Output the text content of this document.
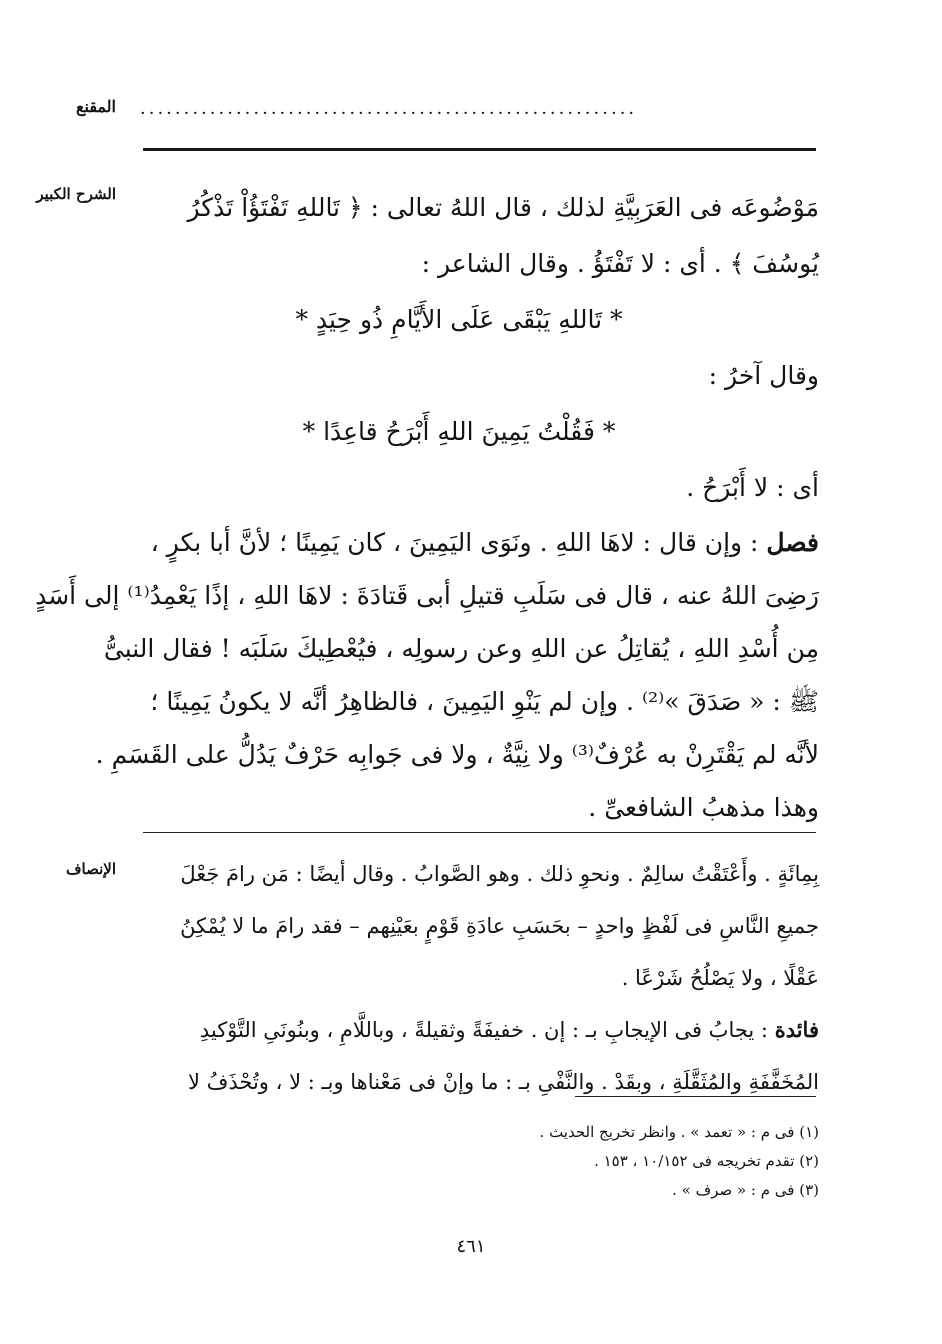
المقنع ·························································
الشرح الكبير
الإنصاف
مَوْضُوعَه فى العَرَبِيَّةِ لذلك ، قال اللهُ تعالى : ﴿ تَاللهِ تَفْتَؤُاْ تَذْكُرُ
يُوسُفَ ﴾ . أى : لا تَفْتَؤُ . وقال الشاعر :
* تَاللهِ يَبْقَى عَلَى الأَيَّامِ ذُو حِيَدٍ *
وقال آخرُ :
* فَقُلْتُ يَمِينَ اللهِ أَبْرَحُ قاعِدًا *
أى : لا أَبْرَحُ .
فصل : وإن قال : لاهَا اللهِ . ونَوَى اليَمِينَ ، كان يَمِينًا ؛ لأنَّ أبا بكرٍ ،
رَضِىَ اللهُ عنه ، قال فى سَلَبِ قتيلِ أبى قَتادَةَ : لاهَا اللهِ ، إذًا يَعْمِدُ⁽¹⁾ إلى أَسَدٍ
مِن أُسْدِ اللهِ ، يُقاتِلُ عن اللهِ وعن رسولِه ، فيُعْطِيكَ سَلَبَه ! فقال النبىُّ
ﷺ : « صَدَقَ »⁽²⁾ . وإن لم يَنْوِ اليَمِينَ ، فالظاهِرُ أنَّه لا يكونُ يَمِينًا ؛
لأنَّه لم يَقْتَرِنْ به عُرْفٌ⁽³⁾ ولا نِيَّةٌ ، ولا فى جَوابِه حَرْفٌ يَدُلُّ على القَسَمِ .
وهذا مذهبُ الشافعىِّ .
بِمِائَةٍ . وأَعْتَقْتُ سالِمٌ . ونحوِ ذلك . وهو الصَّوابُ . وقال أيضًا : مَن رامَ جَعْلَ
جميعِ النَّاسِ فى لَفْظٍ واحدٍ – بحَسَبِ عادَةِ قَوْمٍ بعَيْنِهم – فقد رامَ ما لا يُمْكِنُ
عَقْلًا ، ولا يَصْلُحُ شَرْعًا .
فائدة : يجابُ فى الإيجابِ بـ : إن . خفيفَةً وثقيلةً ، وباللَّامِ ، وبنُونَىِ التَّوْكيدِ
المُخَفَّفَةِ والمُثَقَّلَةِ ، وبقَدْ . والنَّفْىِ بـ : ما وإنْ فى مَعْناها وبـ : لا ، وتُحْذَفُ لا
(١) فى م : « تعمد » . وانظر تخريج الحديث .
(٢) تقدم تخريجه فى ١٠/١٥٢ ، ١٥٣ .
(٣) فى م : « صرف » .
٤٦١
